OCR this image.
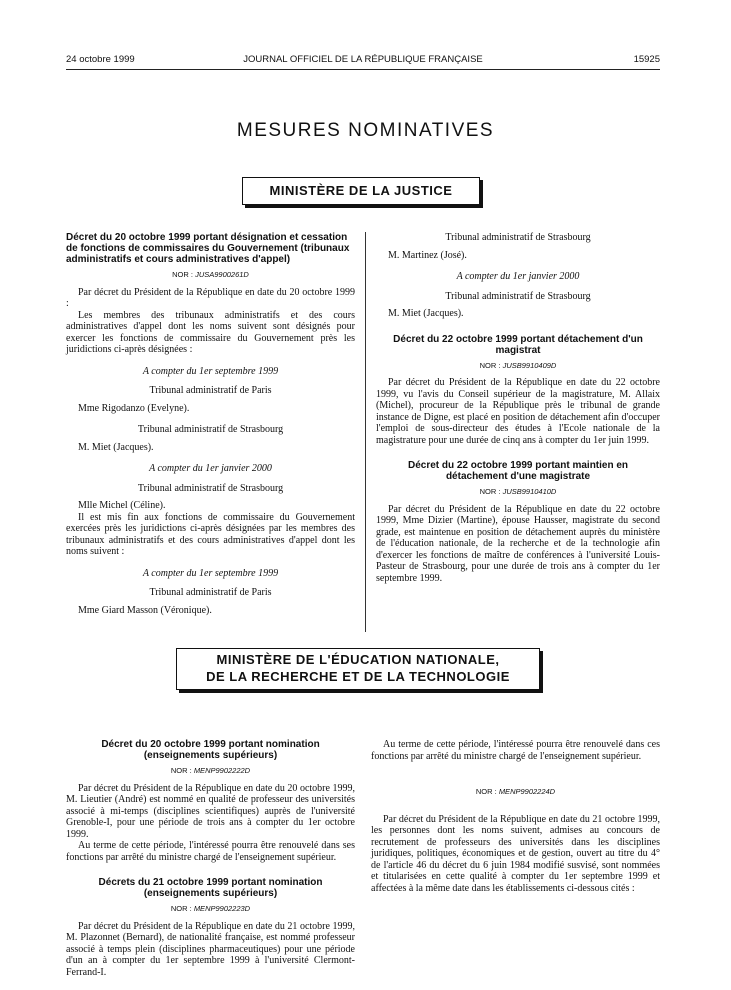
24 octobre 1999	JOURNAL OFFICIEL DE LA RÉPUBLIQUE FRANÇAISE	15925
MESURES NOMINATIVES
MINISTÈRE DE LA JUSTICE

Décret du 20 octobre 1999 portant désignation et cessation de fonctions de commissaires du Gouvernement (tribunaux administratifs et cours administratives d'appel)

NOR : JUSA9900261D

Par décret du Président de la République en date du 20 octobre 1999 :

Les membres des tribunaux administratifs et des cours administratives d'appel dont les noms suivent sont désignés pour exercer les fonctions de commissaire du Gouvernement près les juridictions ci-après désignées :

A compter du 1er septembre 1999

Tribunal administratif de Paris

Mme Rigodanzo (Evelyne).

Tribunal administratif de Strasbourg

M. Miet (Jacques).

A compter du 1er janvier 2000

Tribunal administratif de Strasbourg

Mlle Michel (Céline).

Il est mis fin aux fonctions de commissaire du Gouvernement exercées près les juridictions ci-après désignées par les membres des tribunaux administratifs et des cours administratives d'appel dont les noms suivent :

A compter du 1er septembre 1999

Tribunal administratif de Paris

Mme Giard Masson (Véronique).

Tribunal administratif de Strasbourg

M. Martinez (José).

A compter du 1er janvier 2000

Tribunal administratif de Strasbourg

M. Miet (Jacques).

Décret du 22 octobre 1999 portant détachement d'un magistrat

NOR : JUSB9910409D

Par décret du Président de la République en date du 22 octobre 1999, vu l'avis du Conseil supérieur de la magistrature, M. Allaix (Michel), procureur de la République près le tribunal de grande instance de Digne, est placé en position de détachement afin d'occuper l'emploi de sous-directeur des études à l'Ecole nationale de la magistrature pour une durée de cinq ans à compter du 1er juin 1999.

Décret du 22 octobre 1999 portant maintien en détachement d'une magistrate

NOR : JUSB9910410D

Par décret du Président de la République en date du 22 octobre 1999, Mme Dizier (Martine), épouse Hausser, magistrate du second grade, est maintenue en position de détachement auprès du ministère de l'éducation nationale, de la recherche et de la technologie afin d'exercer les fonctions de maître de conférences à l'université Louis-Pasteur de Strasbourg, pour une durée de trois ans à compter du 1er septembre 1999.

MINISTÈRE DE L'ÉDUCATION NATIONALE,
DE LA RECHERCHE ET DE LA TECHNOLOGIE

Décret du 20 octobre 1999 portant nomination (enseignements supérieurs)

NOR : MENP9902222D

Par décret du Président de la République en date du 20 octobre 1999, M. Lieutier (André) est nommé en qualité de professeur des universités associé à mi-temps (disciplines scientifiques) auprès de l'université Grenoble-I, pour une période de trois ans à compter du 1er octobre 1999.

Au terme de cette période, l'intéressé pourra être renouvelé dans ses fonctions par arrêté du ministre chargé de l'enseignement supérieur.

Décrets du 21 octobre 1999 portant nomination (enseignements supérieurs)

NOR : MENP9902223D

Par décret du Président de la République en date du 21 octobre 1999, M. Plazonnet (Bernard), de nationalité française, est nommé professeur associé à temps plein (disciplines pharmaceutiques) pour une période d'un an à compter du 1er septembre 1999 à l'université Clermont-Ferrand-I.

Au terme de cette période, l'intéressé pourra être renouvelé dans ces fonctions par arrêté du ministre chargé de l'enseignement supérieur.

NOR : MENP9902224D

Par décret du Président de la République en date du 21 octobre 1999, les personnes dont les noms suivent, admises au concours de recrutement de professeurs des universités dans les disciplines juridiques, politiques, économiques et de gestion, ouvert au titre du 4° de l'article 46 du décret du 6 juin 1984 modifié susvisé, sont nommées et titularisées en cette qualité à compter du 1er septembre 1999 et affectées à la même date dans les établissements ci-dessous cités :
